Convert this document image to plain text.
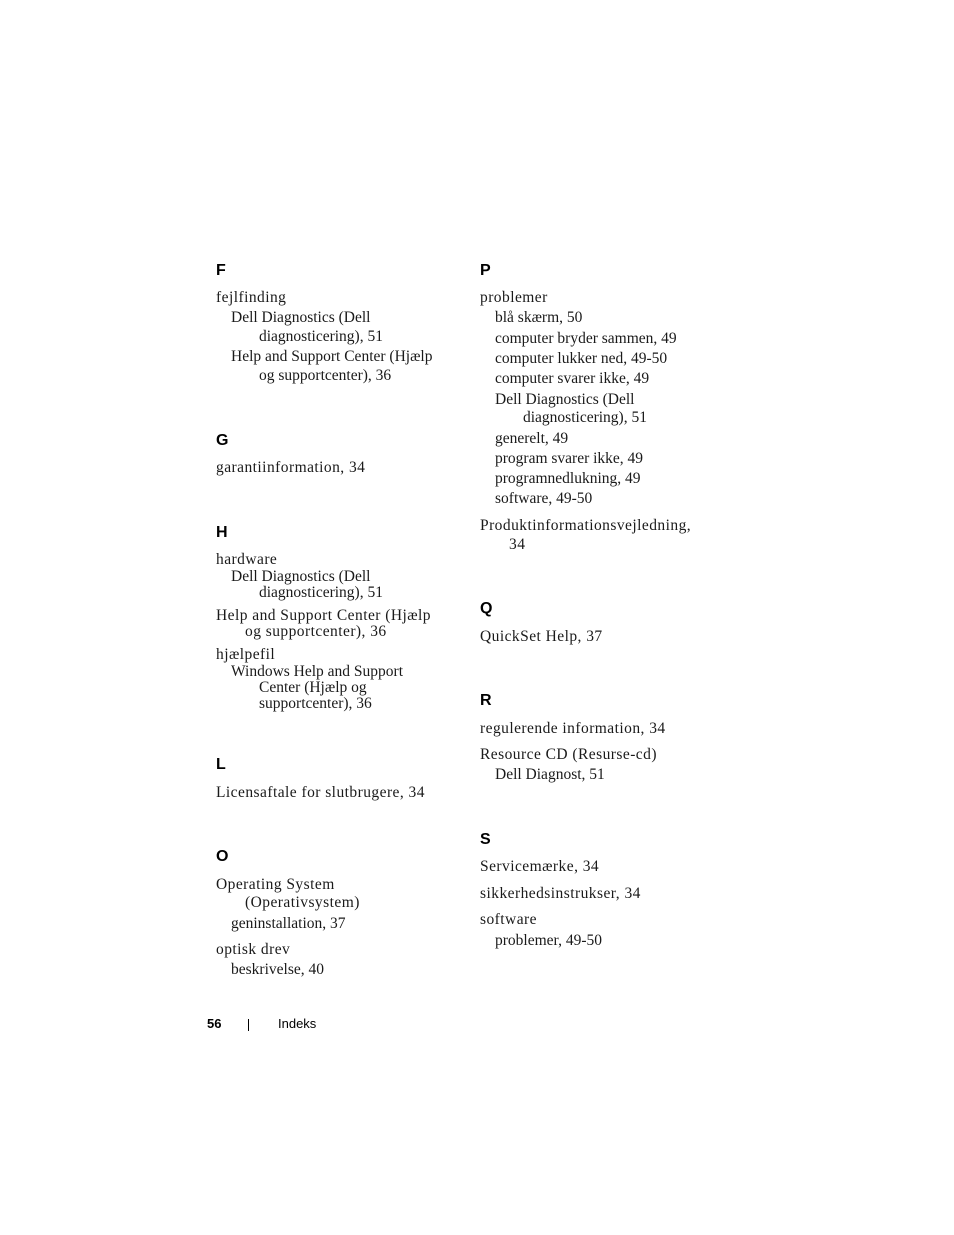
F
fejlfinding
Dell Diagnostics (Dell
diagnosticering), 51
Help and Support Center (Hjælp
og supportcenter), 36
G
garantiinformation, 34
H
hardware
Dell Diagnostics (Dell
diagnosticering), 51
Help and Support Center (Hjælp
og supportcenter), 36
hjælpefil
Windows Help and Support
Center (Hjælp og
supportcenter), 36
L
Licensaftale for slutbrugere, 34
O
Operating System
(Operativsystem)
geninstallation, 37
optisk drev
beskrivelse, 40
P
problemer
blå skærm, 50
computer bryder sammen, 49
computer lukker ned, 49-50
computer svarer ikke, 49
Dell Diagnostics (Dell
diagnosticering), 51
generelt, 49
program svarer ikke, 49
programnedlukning, 49
software, 49-50
Produktinformationsvejledning,
34
Q
QuickSet Help, 37
R
regulerende information, 34
Resource CD (Resurse-cd)
Dell Diagnost, 51
S
Servicemærke, 34
sikkerhedsinstrukser, 34
software
problemer, 49-50
56	Indeks
